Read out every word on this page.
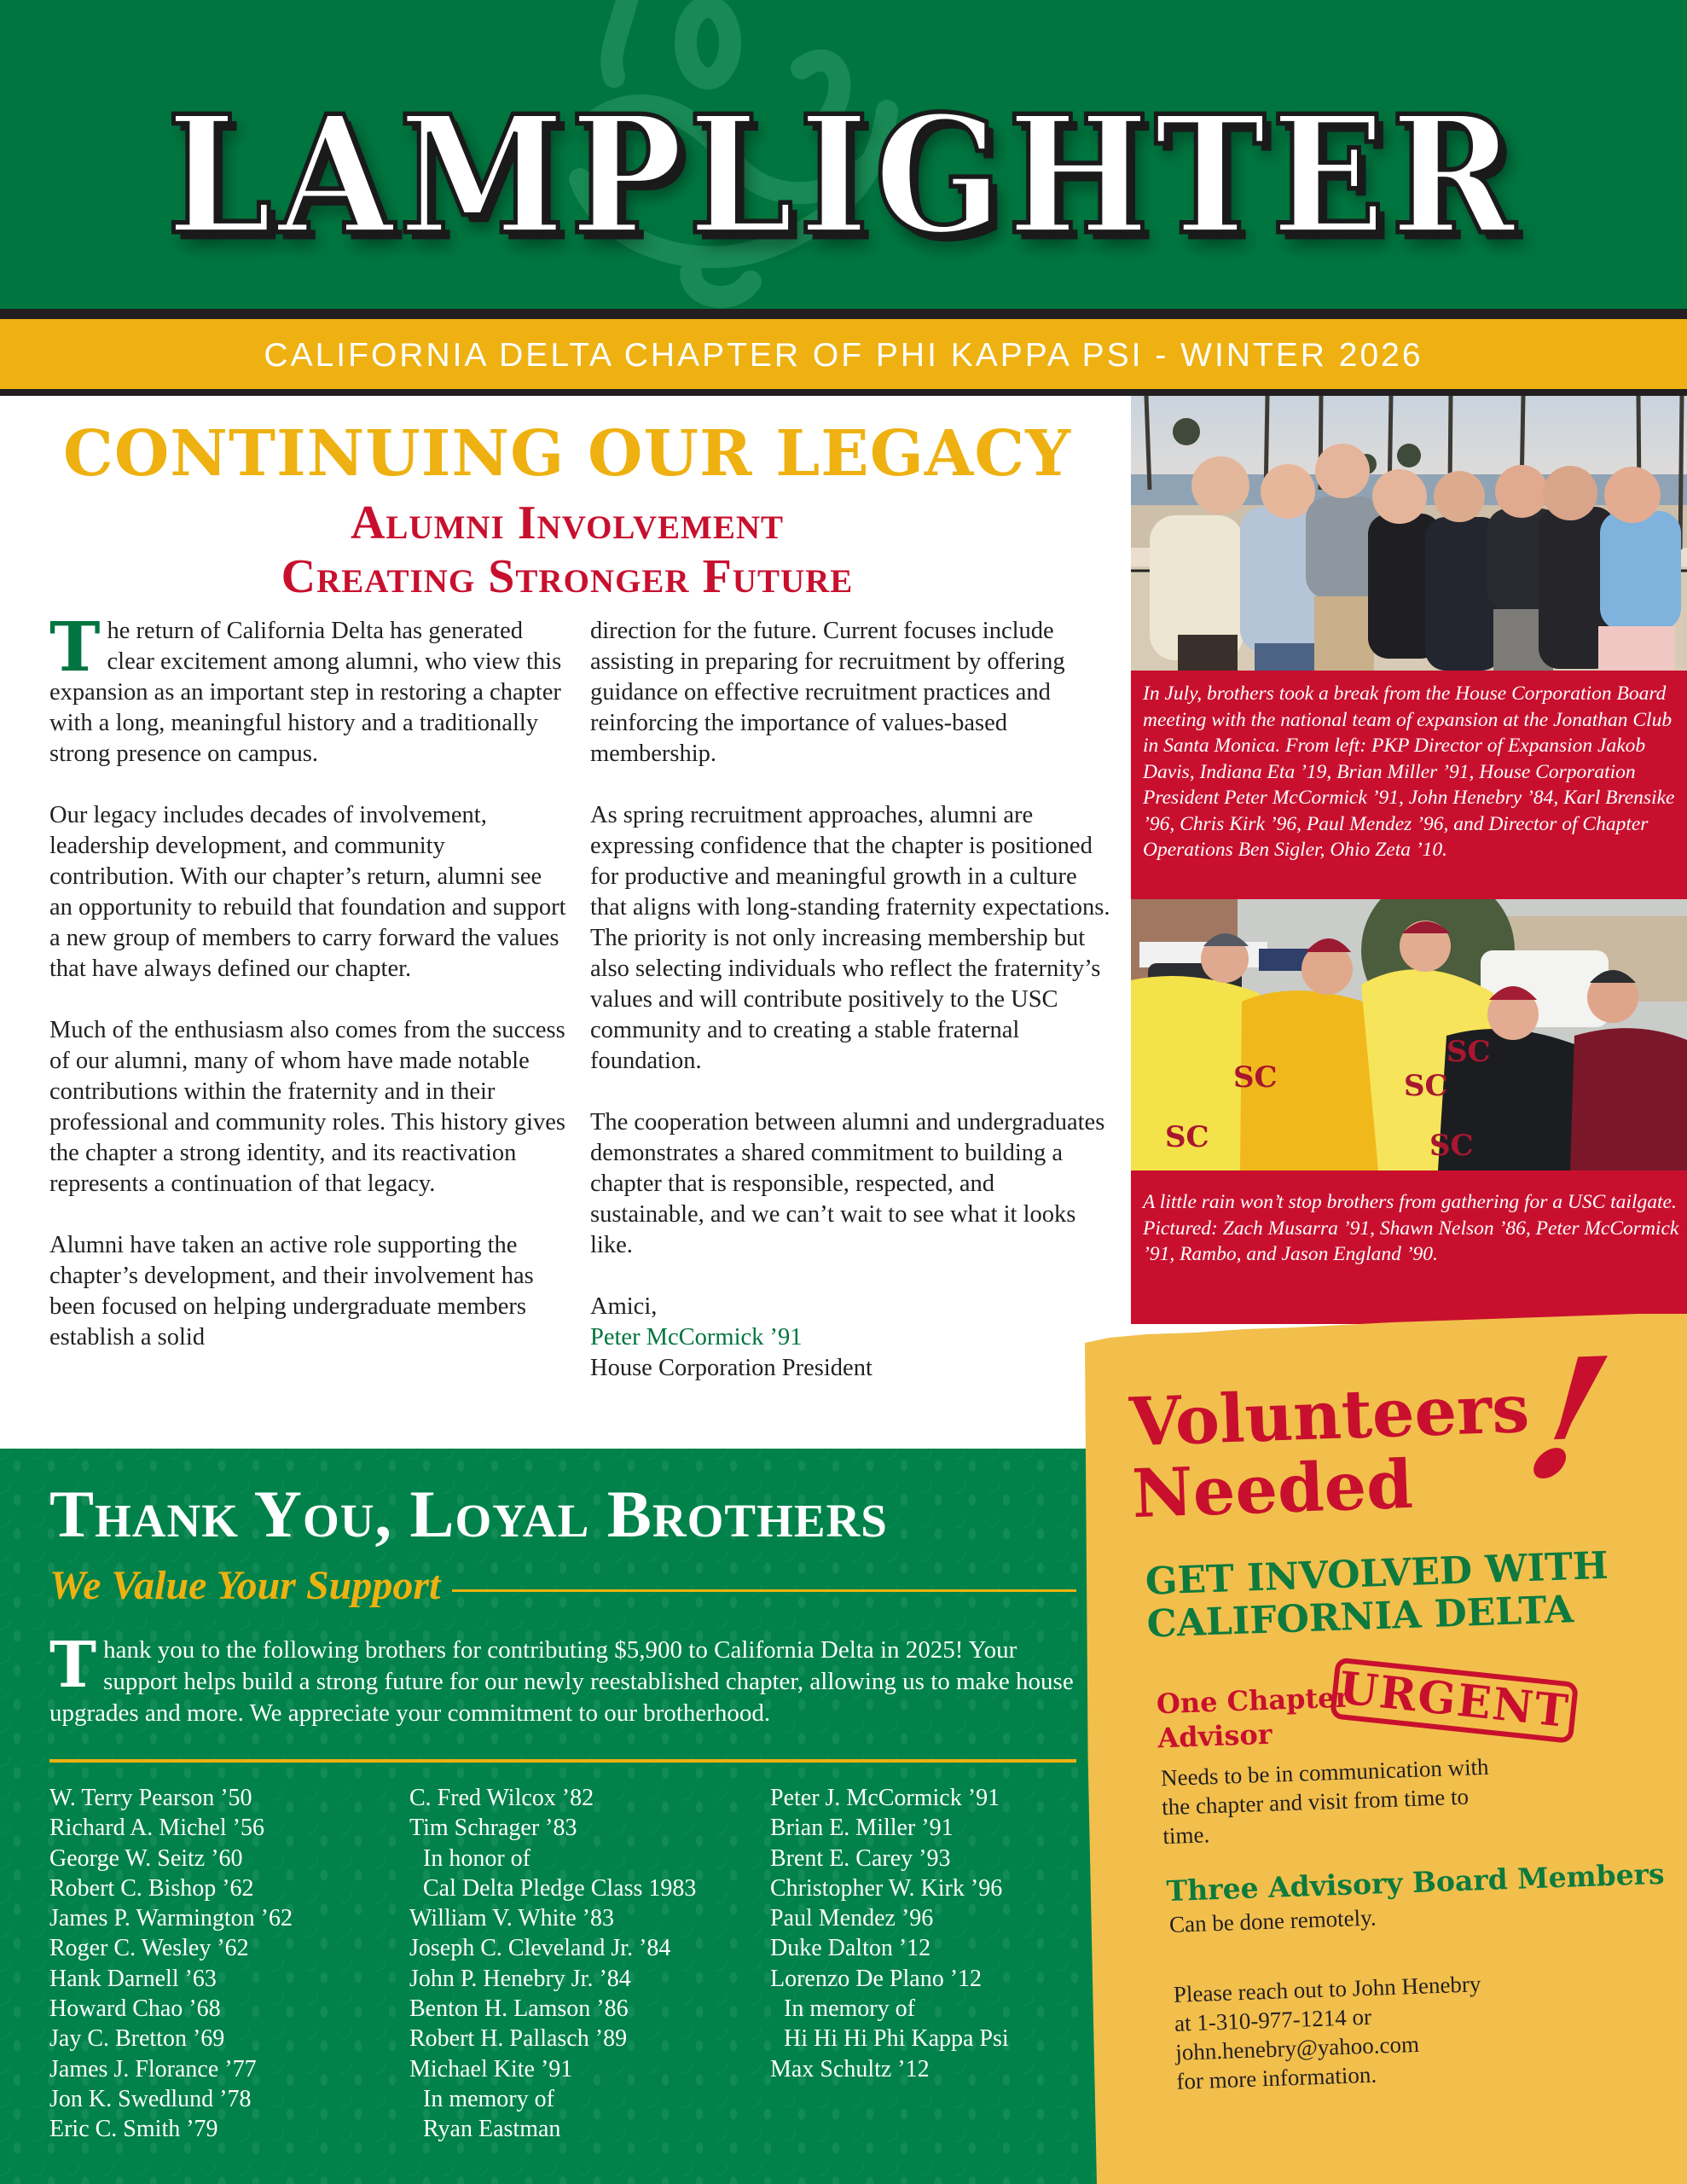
LAMPLIGHTER
CALIFORNIA DELTA CHAPTER OF PHI KAPPA PSI - WINTER 2026
CONTINUING OUR LEGACY
Alumni Involvement
Creating Stronger Future

The return of California Delta has generated clear excitement among alumni, who view this expansion as an important step in restoring a chapter with a long, meaningful history and a traditionally strong presence on campus.

Our legacy includes decades of involvement, leadership development, and community contribution. With our chapter’s return, alumni see an opportunity to rebuild that foundation and support a new group of members to carry forward the values that have always defined our chapter.

Much of the enthusiasm also comes from the success of our alumni, many of whom have made notable contributions within the fraternity and in their professional and community roles. This history gives the chapter a strong identity, and its reactivation represents a continuation of that legacy.

Alumni have taken an active role supporting the chapter’s development, and their involvement has been focused on helping undergraduate members establish a solid

direction for the future. Current focuses include assisting in preparing for recruitment by offering guidance on effective recruitment practices and reinforcing the importance of values-based membership.

As spring recruitment approaches, alumni are expressing confidence that the chapter is positioned for productive and meaningful growth in a culture that aligns with long-standing fraternity expectations. The priority is not only increasing membership but also selecting individuals who reflect the fraternity’s values and will contribute positively to the USC community and to creating a stable fraternal foundation.

The cooperation between alumni and undergraduates demonstrates a shared commitment to building a chapter that is responsible, respected, and sustainable, and we can’t wait to see what it looks like.

Amici,
Peter McCormick ’91
House Corporation President
In July, brothers took a break from the House Corporation Board meeting with the national team of expansion at the Jonathan Club in Santa Monica. From left: PKP Director of Expansion Jakob Davis, Indiana Eta ’19, Brian Miller ’91, House Corporation President Peter McCormick ’91, John Henebry ’84, Karl Brensike ’96, Chris Kirk ’96, Paul Mendez ’96, and Director of Chapter Operations Ben Sigler, Ohio Zeta ’10.
SC
SC	SC
SC
SC
A little rain won’t stop brothers from gathering for a USC tailgate. Pictured: Zach Musarra ’91, Shawn Nelson ’86, Peter McCormick ’91, Rambo, and Jason England ’90.
Thank You, Loyal Brothers
We Value Your Support

Thank you to the following brothers for contributing $5,900 to California Delta in 2025! Your support helps build a strong future for our newly reestablished chapter, allowing us to make house upgrades and more. We appreciate your commitment to our brotherhood.

W. Terry Pearson ’50
Richard A. Michel ’56
George W. Seitz ’60
Robert C. Bishop ’62
James P. Warmington ’62
Roger C. Wesley ’62
Hank Darnell ’63
Howard Chao ’68
Jay C. Bretton ’69
James J. Florance ’77
Jon K. Swedlund ’78
Eric C. Smith ’79
C. Fred Wilcox ’82
Tim Schrager ’83
In honor of
Cal Delta Pledge Class 1983
William V. White ’83
Joseph C. Cleveland Jr. ’84
John P. Henebry Jr. ’84
Benton H. Lamson ’86
Robert H. Pallasch ’89
Michael Kite ’91
In memory of
Ryan Eastman
Peter J. McCormick ’91
Brian E. Miller ’91
Brent E. Carey ’93
Christopher W. Kirk ’96
Paul Mendez ’96
Duke Dalton ’12
Lorenzo De Plano ’12
In memory of
Hi Hi Hi Phi Kappa Psi
Max Schultz ’12
Volunteers
Needed !
GET INVOLVED WITH CALIFORNIA DELTA
One Chapter Advisor	URGENT
Needs to be in communication with the chapter and visit from time to time.
Three Advisory Board Members
Can be done remotely.
Please reach out to John Henebry
at 1-310-977-1214 or
john.henebry@yahoo.com
for more information.
